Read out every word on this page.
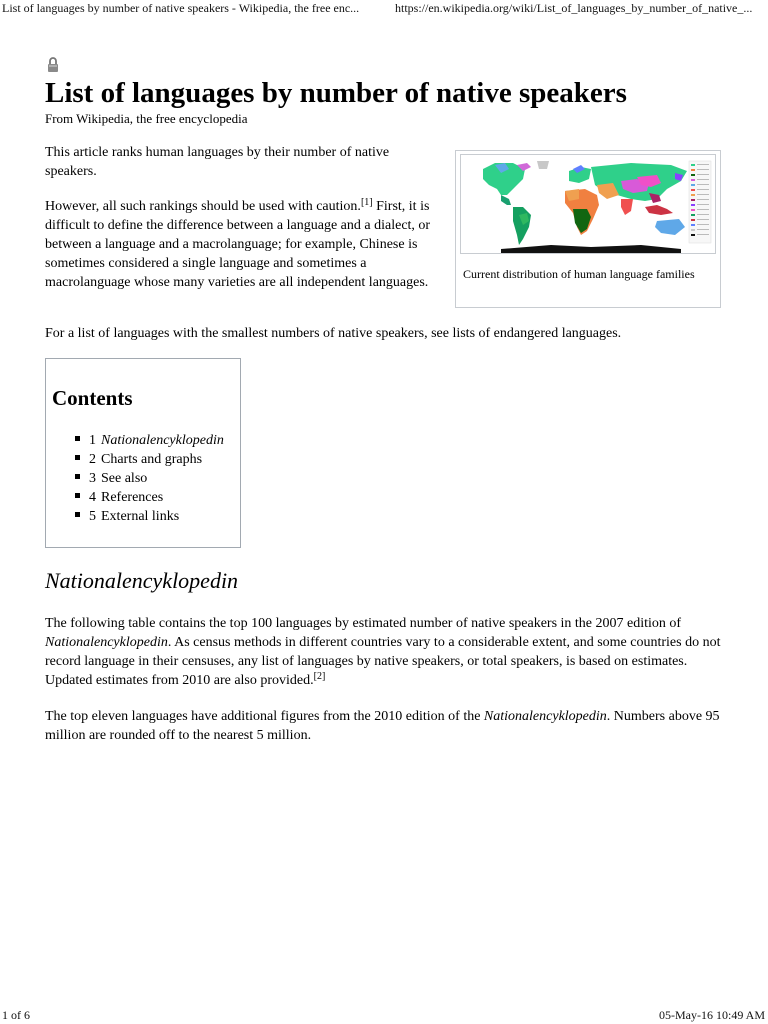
List of languages by number of native speakers - Wikipedia, the free enc...	https://en.wikipedia.org/wiki/List_of_languages_by_number_of_native_...
List of languages by number of native speakers
From Wikipedia, the free encyclopedia

This article ranks human languages by their number of native speakers.

However, all such rankings should be used with caution.[1] First, it is difficult to define the difference between a language and a dialect, or between a language and a macrolanguage; for example, Chinese is sometimes considered a single language and sometimes a macrolanguage whose many varieties are all independent languages.

Current distribution of human language families

For a list of languages with the smallest numbers of native speakers, see lists of endangered languages.

Contents
1 Nationalencyklopedin
2 Charts and graphs
3 See also
4 References
5 External links
Nationalencyklopedin

The following table contains the top 100 languages by estimated number of native speakers in the 2007 edition of Nationalencyklopedin. As census methods in different countries vary to a considerable extent, and some countries do not record language in their censuses, any list of languages by native speakers, or total speakers, is based on estimates. Updated estimates from 2010 are also provided.[2]

The top eleven languages have additional figures from the 2010 edition of the Nationalencyklopedin. Numbers above 95 million are rounded off to the nearest 5 million.

1 of 6	05-May-16 10:49 AM
